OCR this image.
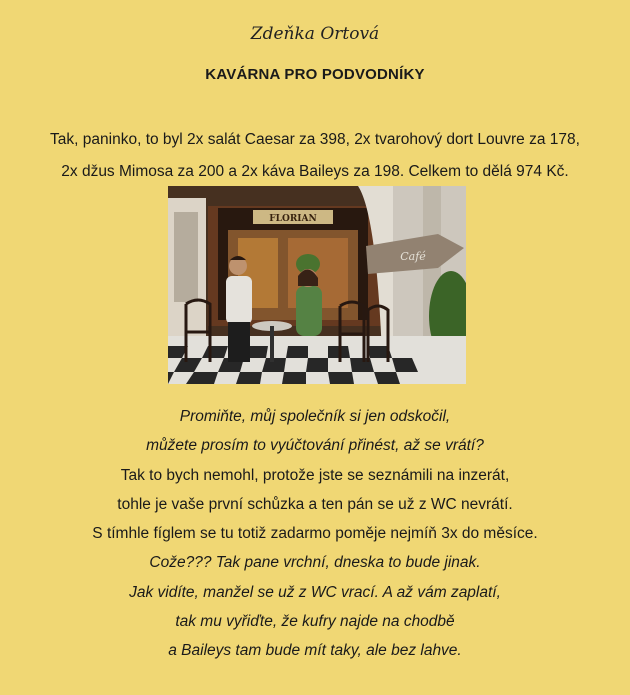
Zdeňka Ortová
KAVÁRNA PRO PODVODNÍKY
Tak, paninko, to byl 2x salát Caesar za 398, 2x tvarohový dort Louvre za 178,
2x džus Mimosa za 200 a 2x káva Baileys za 198. Celkem to dělá 974 Kč.
FLORIAN
Café
Promiňte, můj společník si jen odskočil,
můžete prosím to vyúčtování přinést, až se vrátí?
Tak to bych nemohl, protože jste se seznámili na inzerát,
tohle je vaše první schůzka a ten pán se už z WC nevrátí.
S tímhle fíglem se tu totiž zadarmo poměje nejmíň 3x do měsíce.
Cože??? Tak pane vrchní, dneska to bude jinak.
Jak vidíte, manžel se už z WC vrací. A až vám zaplatí,
tak mu vyřiďte, že kufry najde na chodbě
a Baileys tam bude mít taky, ale bez lahve.
